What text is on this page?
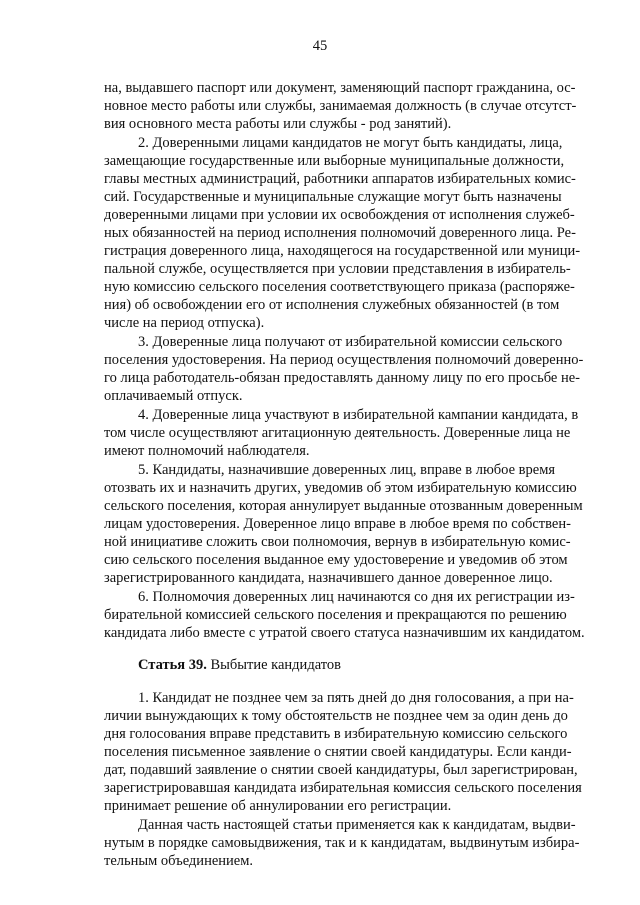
45
на, выдавшего паспорт или документ, заменяющий паспорт гражданина, ос-
новное место работы или службы, занимаемая должность (в случае отсутст-
вия основного места работы или службы - род занятий).
2. Доверенными лицами кандидатов не могут быть кандидаты, лица,
замещающие государственные или выборные муниципальные должности,
главы местных администраций, работники аппаратов избирательных комис-
сий. Государственные и муниципальные служащие могут быть назначены
доверенными лицами при условии их освобождения от исполнения служеб-
ных обязанностей на период исполнения полномочий доверенного лица. Ре-
гистрация доверенного лица, находящегося на государственной или муници-
пальной службе, осуществляется при условии представления в избиратель-
ную комиссию сельского поселения соответствующего приказа (распоряже-
ния) об освобождении его от исполнения служебных обязанностей (в том
числе на период отпуска).
3. Доверенные лица получают от избирательной комиссии сельского
поселения удостоверения. На период осуществления полномочий доверенно-
го лица работодатель-обязан предоставлять данному лицу по его просьбе не-
оплачиваемый отпуск.
4. Доверенные лица участвуют в избирательной кампании кандидата, в
том числе осуществляют агитационную деятельность. Доверенные лица не
имеют полномочий наблюдателя.
5. Кандидаты, назначившие доверенных лиц, вправе в любое время
отозвать их и назначить других, уведомив об этом избирательную комиссию
сельского поселения, которая аннулирует выданные отозванным доверенным
лицам удостоверения. Доверенное лицо вправе в любое время по собствен-
ной инициативе сложить свои полномочия, вернув в избирательную комис-
сию сельского поселения выданное ему удостоверение и уведомив об этом
зарегистрированного кандидата, назначившего данное доверенное лицо.
6. Полномочия доверенных лиц начинаются со дня их регистрации из-
бирательной комиссией сельского поселения и прекращаются по решению
кандидата либо вместе с утратой своего статуса назначившим их кандидатом.
Статья 39. Выбытие кандидатов
1. Кандидат не позднее чем за пять дней до дня голосования, а при на-
личии вынуждающих к тому обстоятельств не позднее чем за один день до
дня голосования вправе представить в избирательную комиссию сельского
поселения письменное заявление о снятии своей кандидатуры. Если канди-
дат, подавший заявление о снятии своей кандидатуры, был зарегистрирован,
зарегистрировавшая кандидата избирательная комиссия сельского поселения
принимает решение об аннулировании его регистрации.
Данная часть настоящей статьи применяется как к кандидатам, выдви-
нутым в порядке самовыдвижения, так и к кандидатам, выдвинутым избира-
тельным объединением.
